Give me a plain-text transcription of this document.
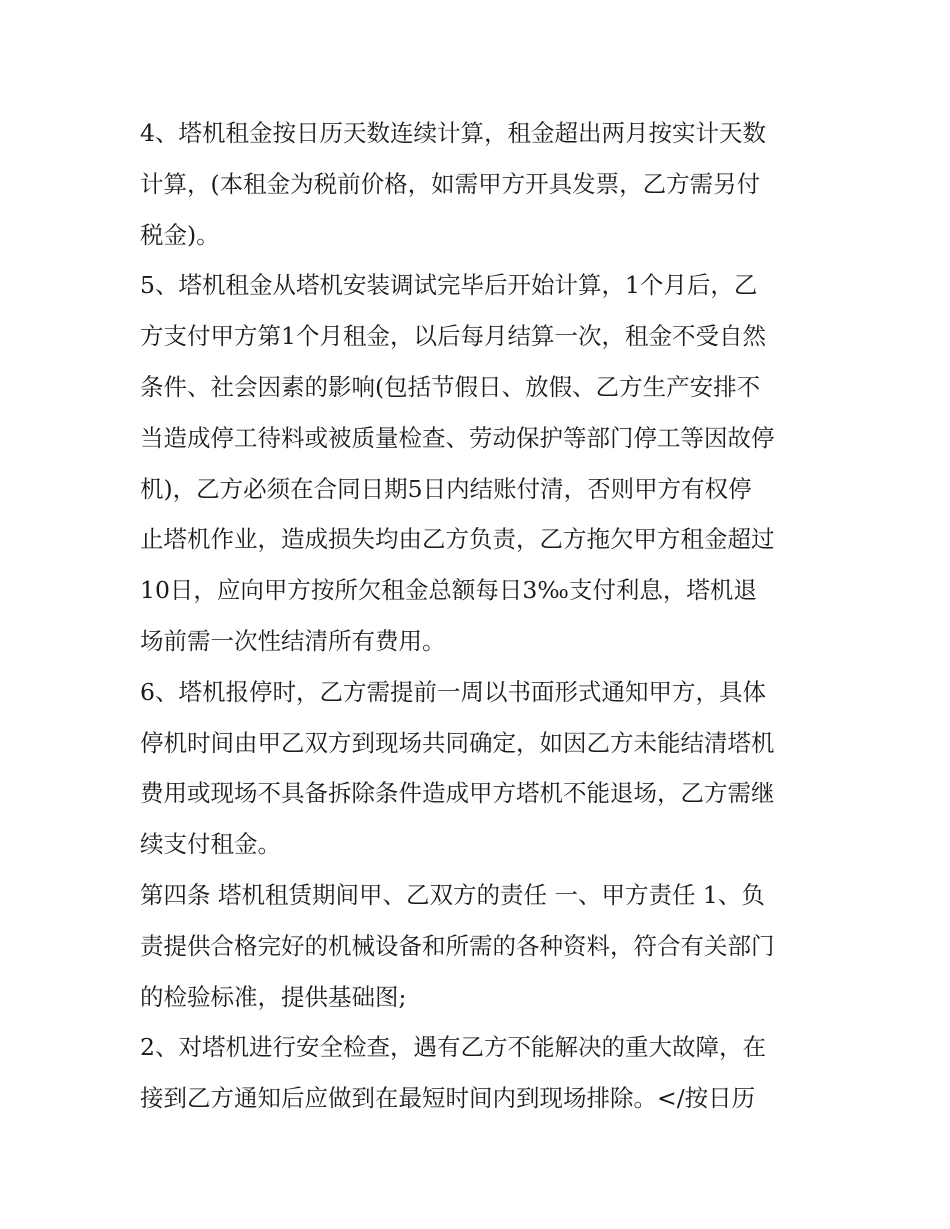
4、塔机租金按日历天数连续计算，租金超出两月按实计天数
计算，(本租金为税前价格，如需甲方开具发票，乙方需另付
税金)。
5、塔机租金从塔机安装调试完毕后开始计算，1个月后，乙
方支付甲方第1个月租金，以后每月结算一次，租金不受自然
条件、社会因素的影响(包括节假日、放假、乙方生产安排不
当造成停工待料或被质量检查、劳动保护等部门停工等因故停
机)，乙方必须在合同日期5日内结账付清，否则甲方有权停
止塔机作业，造成损失均由乙方负责，乙方拖欠甲方租金超过
10日，应向甲方按所欠租金总额每日3‰支付利息，塔机退
场前需一次性结清所有费用。
6、塔机报停时，乙方需提前一周以书面形式通知甲方，具体
停机时间由甲乙双方到现场共同确定，如因乙方未能结清塔机
费用或现场不具备拆除条件造成甲方塔机不能退场，乙方需继
续支付租金。
第四条 塔机租赁期间甲、乙双方的责任 一、甲方责任 1、负
责提供合格完好的机械设备和所需的各种资料，符合有关部门
的检验标准，提供基础图;
2、对塔机进行安全检查，遇有乙方不能解决的重大故障，在
接到乙方通知后应做到在最短时间内到现场排除。</按日历
